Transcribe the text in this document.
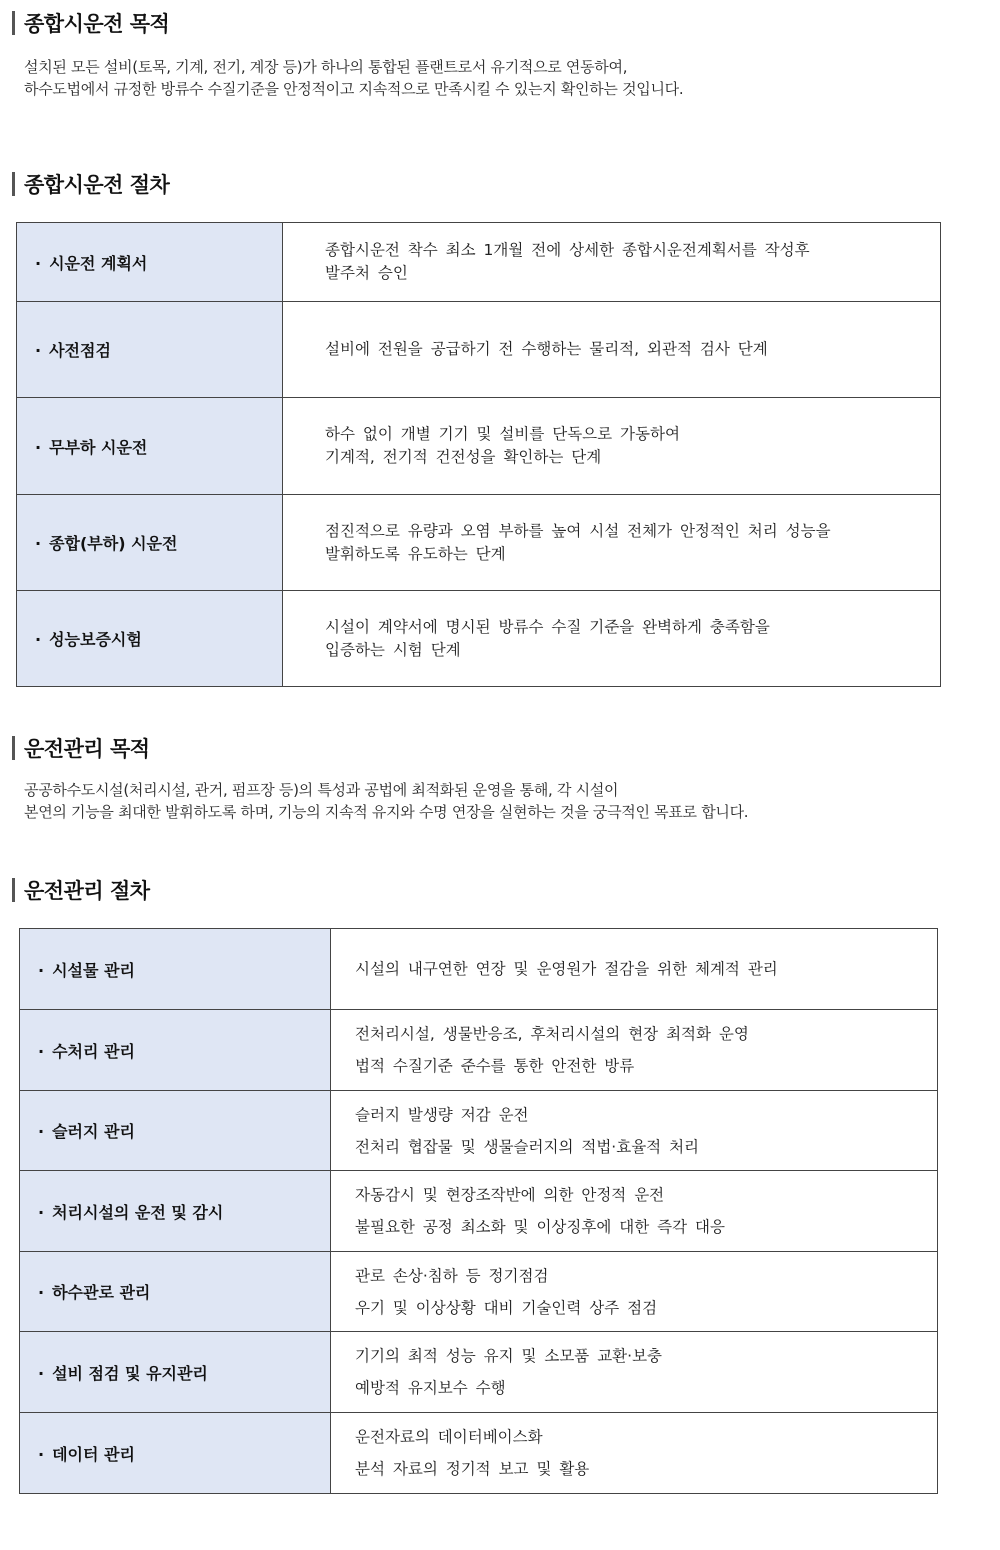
종합시운전 목적
설치된 모든 설비(토목, 기계, 전기, 계장 등)가 하나의 통합된 플랜트로서 유기적으로 연동하여,
하수도법에서 규정한 방류수 수질기준을 안정적이고 지속적으로 만족시킬 수 있는지 확인하는 것입니다.
종합시운전 절차
· 시운전 계획서	종합시운전 착수 최소 1개월 전에 상세한 종합시운전계획서를 작성후
발주처 승인

· 사전점검	설비에 전원을 공급하기 전 수행하는 물리적, 외관적 검사 단계

· 무부하 시운전	하수 없이 개별 기기 및 설비를 단독으로 가동하여
기계적, 전기적 건전성을 확인하는 단계

· 종합(부하) 시운전	점진적으로 유량과 오염 부하를 높여 시설 전체가 안정적인 처리 성능을
발휘하도록 유도하는 단계

· 성능보증시험	시설이 계약서에 명시된 방류수 수질 기준을 완벽하게 충족함을
입증하는 시험 단계
운전관리 목적
공공하수도시설(처리시설, 관거, 펌프장 등)의 특성과 공법에 최적화된 운영을 통해, 각 시설이
본연의 기능을 최대한 발휘하도록 하며, 기능의 지속적 유지와 수명 연장을 실현하는 것을 궁극적인 목표로 합니다.
운전관리 절차
· 시설물 관리	시설의 내구연한 연장 및 운영원가 절감을 위한 체계적 관리

· 수처리 관리	전처리시설, 생물반응조, 후처리시설의 현장 최적화 운영
법적 수질기준 준수를 통한 안전한 방류

· 슬러지 관리	슬러지 발생량 저감 운전
전처리 협잡물 및 생물슬러지의 적법·효율적 처리

· 처리시설의 운전 및 감시	자동감시 및 현장조작반에 의한 안정적 운전
불필요한 공정 최소화 및 이상징후에 대한 즉각 대응

· 하수관로 관리	관로 손상·침하 등 정기점검
우기 및 이상상황 대비 기술인력 상주 점검

· 설비 점검 및 유지관리	기기의 최적 성능 유지 및 소모품 교환·보충
예방적 유지보수 수행

· 데이터 관리	운전자료의 데이터베이스화
분석 자료의 정기적 보고 및 활용
